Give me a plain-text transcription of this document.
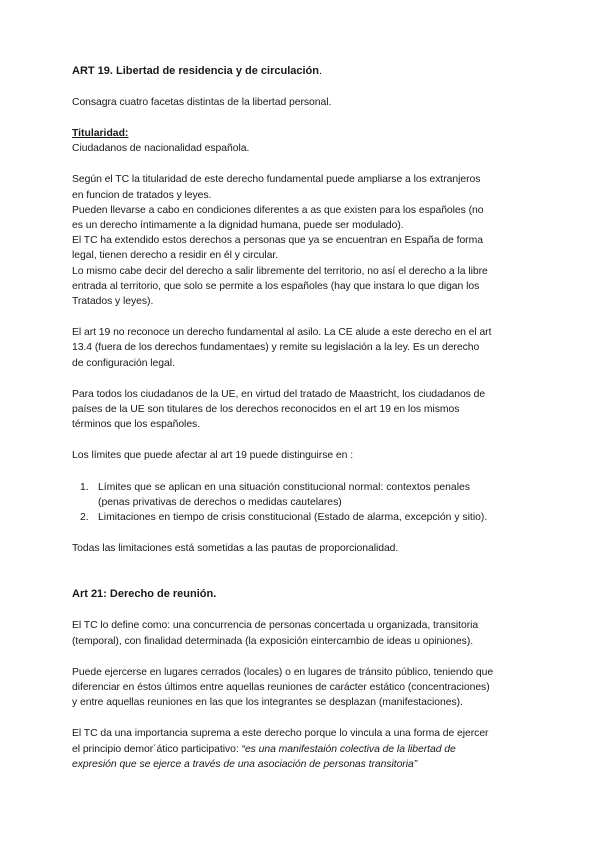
ART 19. Libertad de residencia y de circulación.

Consagra cuatro facetas distintas de la libertad personal.

Titularidad:

Ciudadanos de nacionalidad española.

Según el TC la titularidad de este derecho fundamental puede ampliarse a los extranjeros

en funcion de tratados y leyes.

Pueden llevarse a cabo en condiciones diferentes a as que existen para los españoles (no

es un derecho íntimamente a la dignidad humana, puede ser modulado).

El TC ha extendido estos derechos a personas que ya se encuentran en España de forma

legal, tienen derecho a residir en él y circular.

Lo mismo cabe decir del derecho a salir libremente del territorio, no así el derecho a la libre

entrada al territorio, que solo se permite a los españoles (hay que instara lo que digan los

Tratados y leyes).

El art 19 no reconoce un derecho fundamental al asilo. La CE alude a este derecho en el art

13.4 (fuera de los derechos fundamentaes) y remite su legislación a la ley. Es un derecho

de configuración legal.

Para todos los ciudadanos de la UE, en virtud del tratado de Maastricht, los ciudadanos de

países de la UE son titulares de los derechos reconocidos en el art 19 en los mismos

términos que los españoles.

Los límites que puede afectar al art 19 puede distinguirse en :

1. Límites que se aplican en una situación constitucional normal: contextos penales
(penas privativas de derechos o medidas cautelares)
2. Limitaciones en tiempo de crisis constitucional (Estado de alarma, excepción y sitio).

Todas las limitaciones está sometidas a las pautas de proporcionalidad.

Art 21: Derecho de reunión.

El TC lo define como: una concurrencia de personas concertada u organizada, transitoria

(temporal), con finalidad determinada (la exposición eintercambio de ideas u opiniones).

Puede ejercerse en lugares cerrados (locales) o en lugares de tránsito público, teniendo que

diferenciar en éstos últimos entre aquellas reuniones de carácter estático (concentraciones)

y entre aquellas reuniones en las que los integrantes se desplazan (manifestaciones).

El TC da una importancia suprema a este derecho porque lo vincula a una forma de ejercer

el principio demor´ático participativo: “es una manifestaión colectiva de la libertad de

expresión que se ejerce a través de una asociación de personas transitoria”
